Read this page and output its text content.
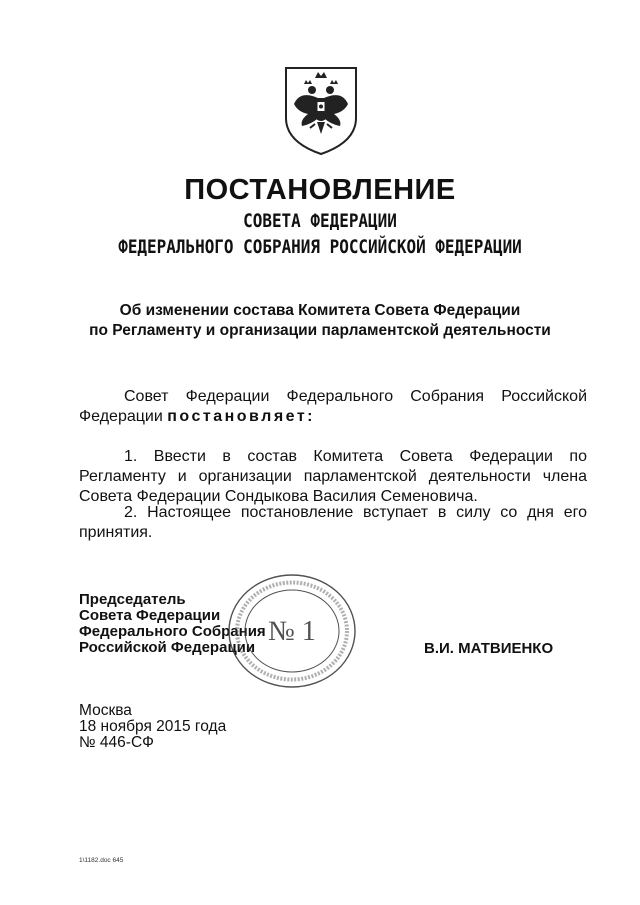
ПОСТАНОВЛЕНИЕ
СОВЕТА ФЕДЕРАЦИИ
ФЕДЕРАЛЬНОГО СОБРАНИЯ РОССИЙСКОЙ ФЕДЕРАЦИИ
Об изменении состава Комитета Совета Федерации
по Регламенту и организации парламентской деятельности
Совет Федерации Федерального Собрания Российской Федерации постановляет:
1. Ввести в состав Комитета Совета Федерации по Регламенту и организации парламентской деятельности члена Совета Федерации Сондыкова Василия Семеновича.
2. Настоящее постановление вступает в силу со дня его принятия.
Председатель
Совета Федерации
Федерального Собрания
Российской Федерации
№ 1
В.И. МАТВИЕНКО
Москва
18 ноября 2015 года
№ 446-СФ
1\1182.doc 645
